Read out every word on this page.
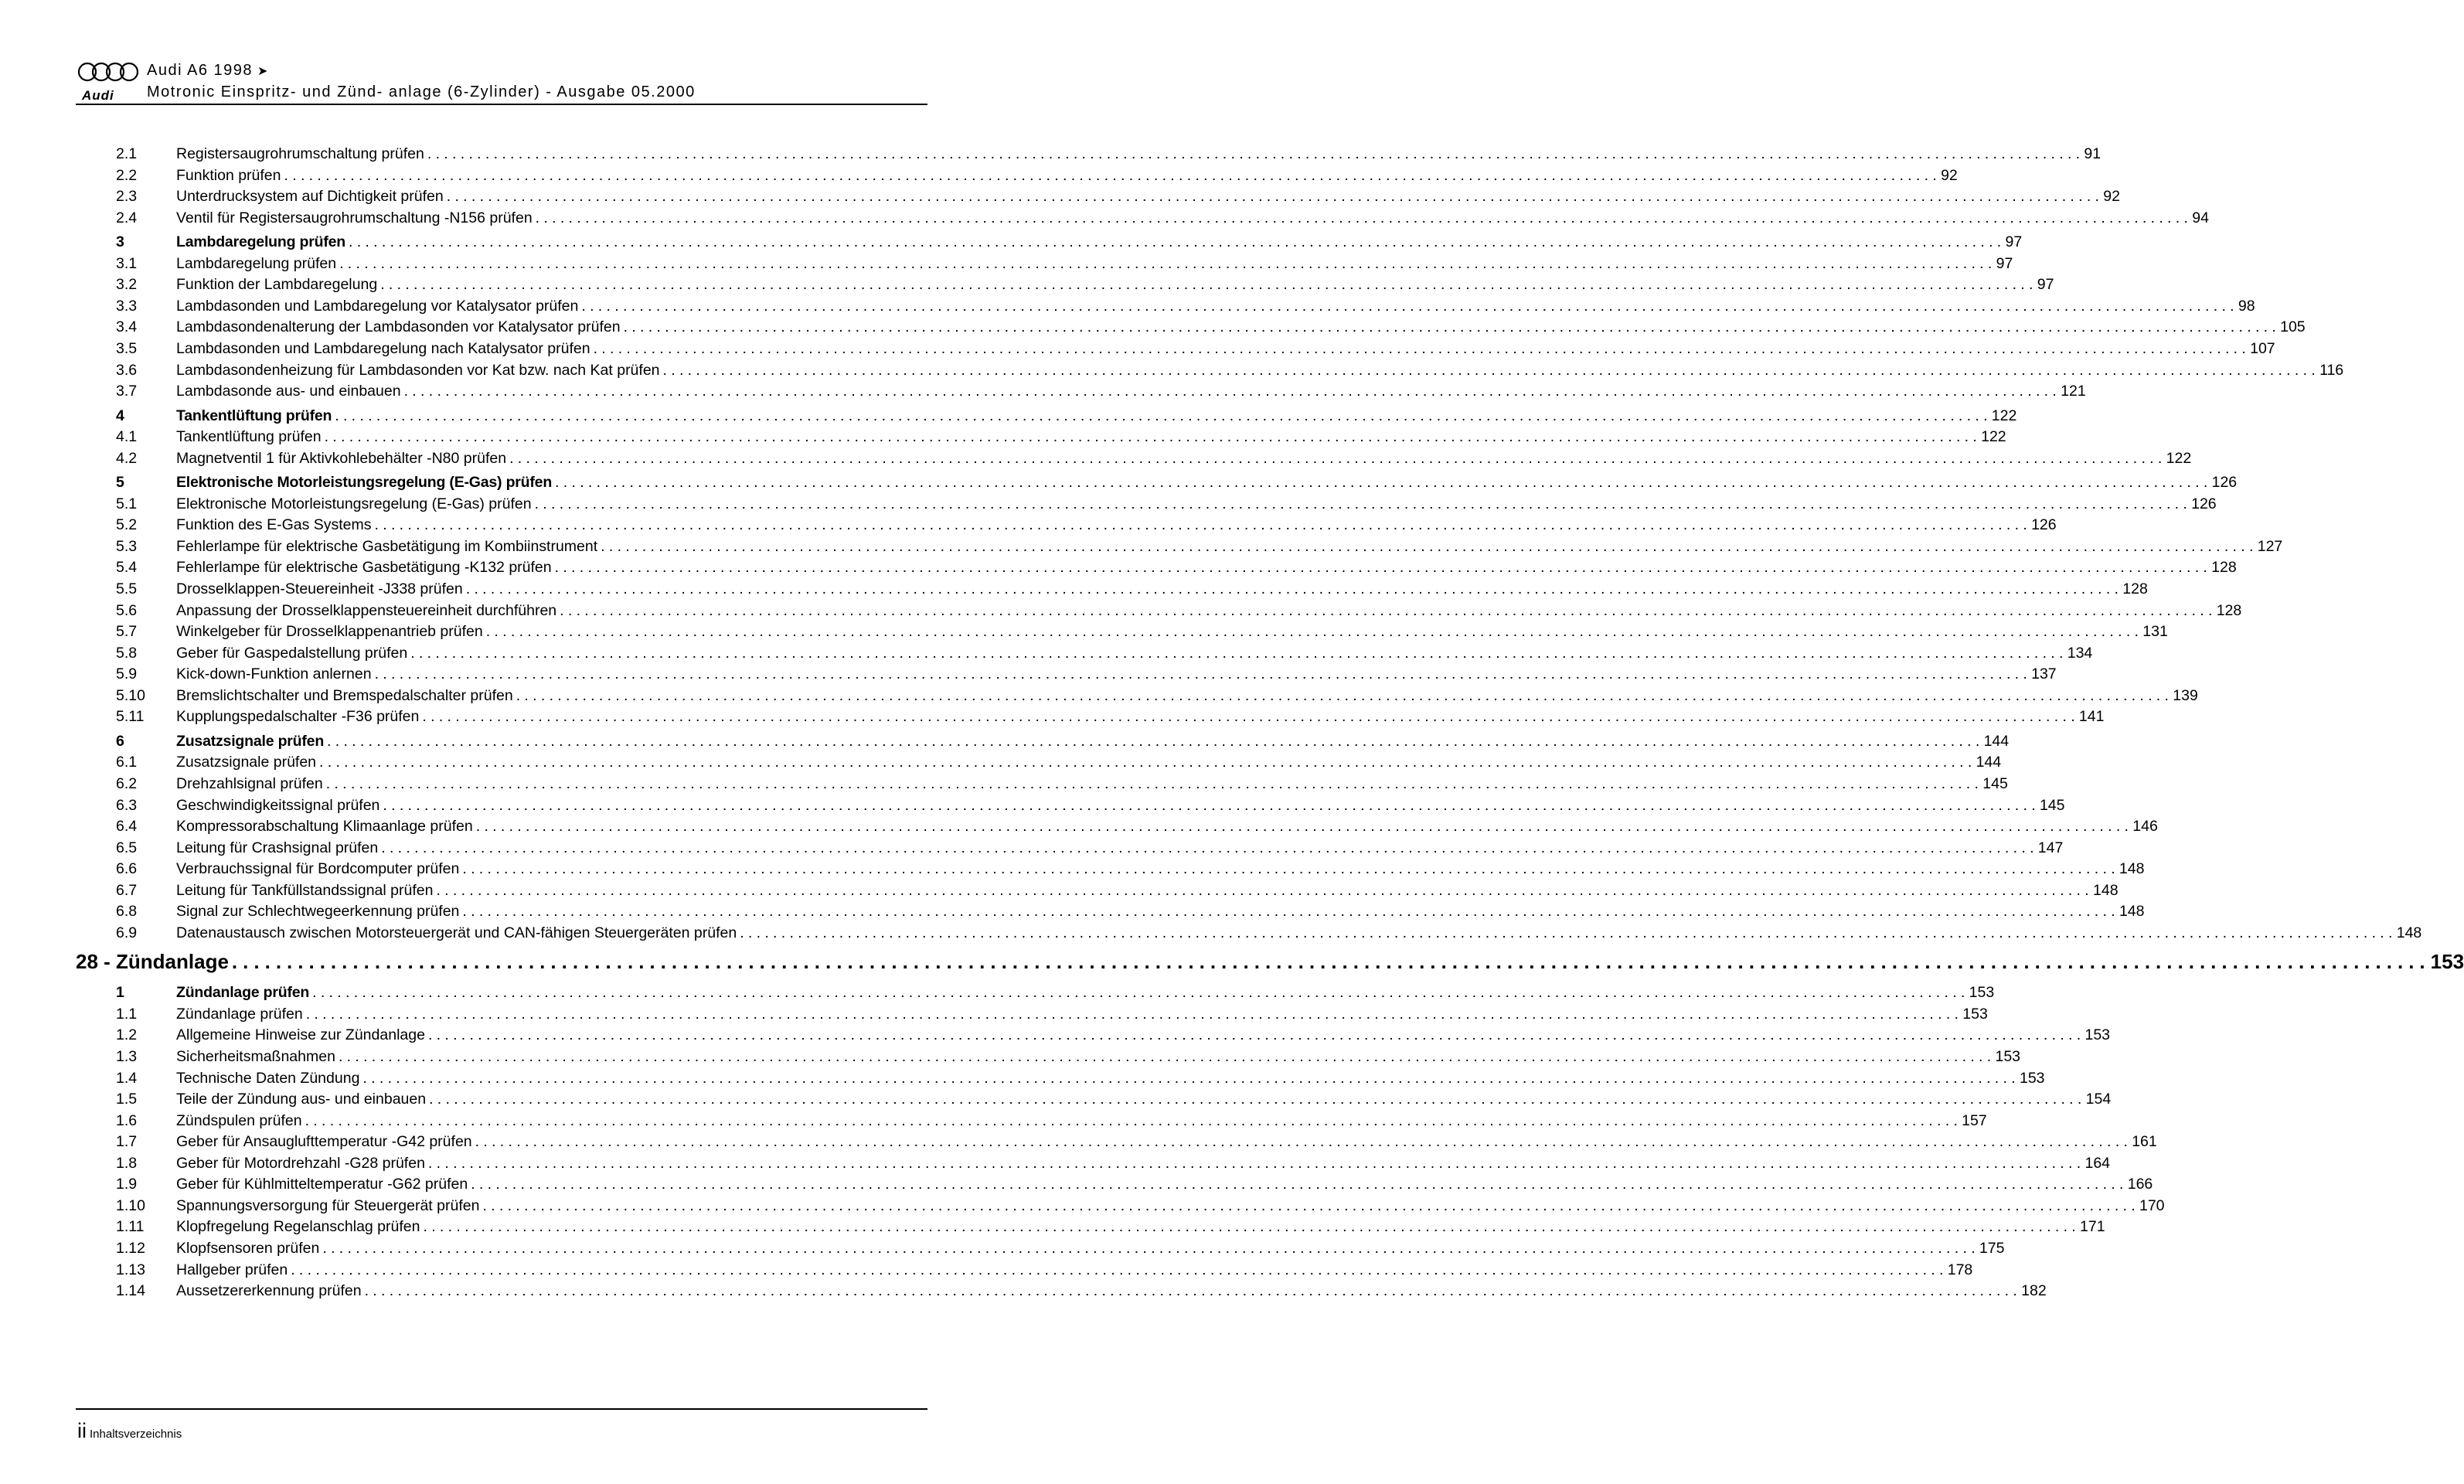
Audi
Audi A6 1998 ➤
Motronic Einspritz- und Zünd- anlage (6-Zylinder) - Ausgabe 05.2000
2.1	Registersaugrohrumschaltung prüfen ........................................................................................................................................................................................................ 91
2.2	Funktion prüfen ........................................................................................................................................................................................................ 92
2.3	Unterdrucksystem auf Dichtigkeit prüfen ........................................................................................................................................................................................................ 92
2.4	Ventil für Registersaugrohrumschaltung -N156 prüfen ........................................................................................................................................................................................................ 94
3	Lambdaregelung prüfen ........................................................................................................................................................................................................ 97
3.1	Lambdaregelung prüfen ........................................................................................................................................................................................................ 97
3.2	Funktion der Lambdaregelung ........................................................................................................................................................................................................ 97
3.3	Lambdasonden und Lambdaregelung vor Katalysator prüfen ........................................................................................................................................................................................................ 98
3.4	Lambdasondenalterung der Lambdasonden vor Katalysator prüfen ........................................................................................................................................................................................................ 105
3.5	Lambdasonden und Lambdaregelung nach Katalysator prüfen ........................................................................................................................................................................................................ 107
3.6	Lambdasondenheizung für Lambdasonden vor Kat bzw. nach Kat prüfen ........................................................................................................................................................................................................ 116
3.7	Lambdasonde aus- und einbauen ........................................................................................................................................................................................................ 121
4	Tankentlüftung prüfen ........................................................................................................................................................................................................ 122
4.1	Tankentlüftung prüfen ........................................................................................................................................................................................................ 122
4.2	Magnetventil 1 für Aktivkohlebehälter -N80 prüfen ........................................................................................................................................................................................................ 122
5	Elektronische Motorleistungsregelung (E-Gas) prüfen ........................................................................................................................................................................................................ 126
5.1	Elektronische Motorleistungsregelung (E-Gas) prüfen ........................................................................................................................................................................................................ 126
5.2	Funktion des E-Gas Systems ........................................................................................................................................................................................................ 126
5.3	Fehlerlampe für elektrische Gasbetätigung im Kombiinstrument ........................................................................................................................................................................................................ 127
5.4	Fehlerlampe für elektrische Gasbetätigung -K132 prüfen ........................................................................................................................................................................................................ 128
5.5	Drosselklappen-Steuereinheit -J338 prüfen ........................................................................................................................................................................................................ 128
5.6	Anpassung der Drosselklappensteuereinheit durchführen ........................................................................................................................................................................................................ 128
5.7	Winkelgeber für Drosselklappenantrieb prüfen ........................................................................................................................................................................................................ 131
5.8	Geber für Gaspedalstellung prüfen ........................................................................................................................................................................................................ 134
5.9	Kick-down-Funktion anlernen ........................................................................................................................................................................................................ 137
5.10	Bremslichtschalter und Bremspedalschalter prüfen ........................................................................................................................................................................................................ 139
5.11	Kupplungspedalschalter -F36 prüfen ........................................................................................................................................................................................................ 141
6	Zusatzsignale prüfen ........................................................................................................................................................................................................ 144
6.1	Zusatzsignale prüfen ........................................................................................................................................................................................................ 144
6.2	Drehzahlsignal prüfen ........................................................................................................................................................................................................ 145
6.3	Geschwindigkeitssignal prüfen ........................................................................................................................................................................................................ 145
6.4	Kompressorabschaltung Klimaanlage prüfen ........................................................................................................................................................................................................ 146
6.5	Leitung für Crashsignal prüfen ........................................................................................................................................................................................................ 147
6.6	Verbrauchssignal für Bordcomputer prüfen ........................................................................................................................................................................................................ 148
6.7	Leitung für Tankfüllstandssignal prüfen ........................................................................................................................................................................................................ 148
6.8	Signal zur Schlechtwegeerkennung prüfen ........................................................................................................................................................................................................ 148
6.9	Datenaustausch zwischen Motorsteuergerät und CAN-fähigen Steuergeräten prüfen ........................................................................................................................................................................................................ 148
28 - Zündanlage ........................................................................................................................................................................................................ 153
1	Zündanlage prüfen ........................................................................................................................................................................................................ 153
1.1	Zündanlage prüfen ........................................................................................................................................................................................................ 153
1.2	Allgemeine Hinweise zur Zündanlage ........................................................................................................................................................................................................ 153
1.3	Sicherheitsmaßnahmen ........................................................................................................................................................................................................ 153
1.4	Technische Daten Zündung ........................................................................................................................................................................................................ 153
1.5	Teile der Zündung aus- und einbauen ........................................................................................................................................................................................................ 154
1.6	Zündspulen prüfen ........................................................................................................................................................................................................ 157
1.7	Geber für Ansauglufttemperatur -G42 prüfen ........................................................................................................................................................................................................ 161
1.8	Geber für Motordrehzahl -G28 prüfen ........................................................................................................................................................................................................ 164
1.9	Geber für Kühlmitteltemperatur -G62 prüfen ........................................................................................................................................................................................................ 166
1.10	Spannungsversorgung für Steuergerät prüfen ........................................................................................................................................................................................................ 170
1.11	Klopfregelung Regelanschlag prüfen ........................................................................................................................................................................................................ 171
1.12	Klopfsensoren prüfen ........................................................................................................................................................................................................ 175
1.13	Hallgeber prüfen ........................................................................................................................................................................................................ 178
1.14	Aussetzererkennung prüfen ........................................................................................................................................................................................................ 182
ii Inhaltsverzeichnis
